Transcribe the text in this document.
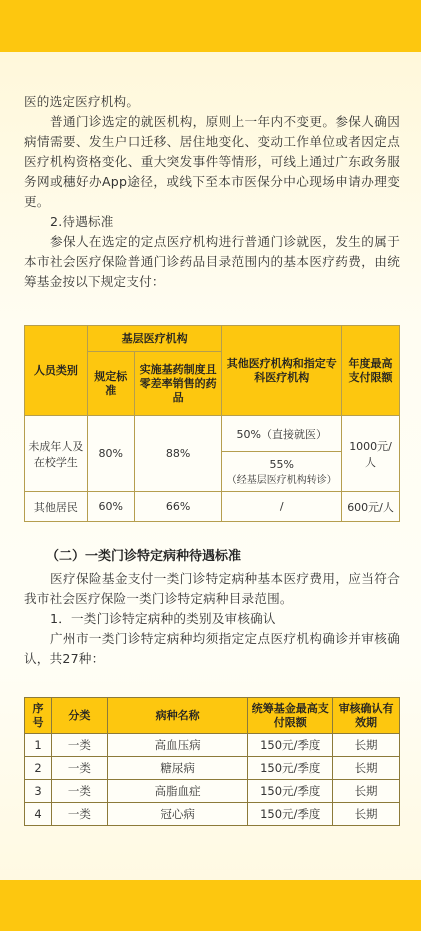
医的选定医疗机构。

普通门诊选定的就医机构，原则上一年内不变更。参保人确因病情需要、发生户口迁移、居住地变化、变动工作单位或者因定点医疗机构资格变化、重大突发事件等情形，可线上通过广东政务服务网或穗好办App途径，或线下至本市医保分中心现场申请办理变更。

2.待遇标准

参保人在选定的定点医疗机构进行普通门诊就医，发生的属于本市社会医疗保险普通门诊药品目录范围内的基本医疗药费，由统筹基金按以下规定支付：

人员类别	基层医疗机构		其他医疗机构和指定专科医疗机构	年度最高支付限额
	规定标准	实施基药制度且零差率销售的药品		
未成年人及在校学生	80%	88%	50%（直接就医）	1000元/人

			55%
（经基层医疗机构转诊）	

其他居民	60%	66%	/	600元/人

（二）一类门诊特定病种待遇标准

医疗保险基金支付一类门诊特定病种基本医疗费用，应当符合我市社会医疗保险一类门诊特定病种目录范围。

1．一类门诊特定病种的类别及审核确认

广州市一类门诊特定病种均须指定定点医疗机构确诊并审核确认，共27种：

序号	分类	病种名称	统筹基金最高支付限额	审核确认有效期
1	一类	高血压病	150元/季度	长期
2	一类	糖尿病	150元/季度	长期
3	一类	高脂血症	150元/季度	长期
4	一类	冠心病	150元/季度	长期
